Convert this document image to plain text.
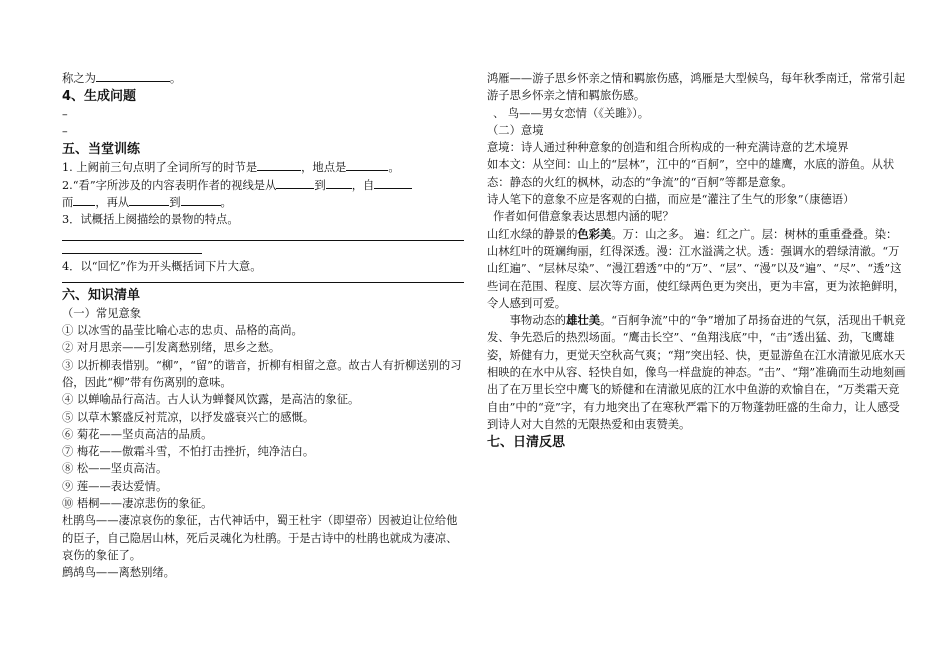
称之为	。

4、生成问题

–

–

五、当堂训练

1. 上阙前三句点明了全词所写的时节是	，地点是	。

2.“看”字所涉及的内容表明作者的视线是从	到 ，自

而 ，再从	到	。

3．试概括上阕描绘的景物的特点。

4．以“回忆”作为开头概括词下片大意。

六、知识清单

（一）常见意象

① 以冰雪的晶莹比喻心志的忠贞、品格的高尚。

② 对月思亲——引发离愁别绪，思乡之愁。

③ 以折柳表惜别。“柳”，“留”的谐音，折柳有相留之意。故古人有折柳送别的习俗，因此“柳”带有伤离别的意味。

④ 以蝉喻品行高洁。古人认为蝉餐风饮露，是高洁的象征。

⑤ 以草木繁盛反衬荒凉，以抒发盛衰兴亡的感慨。

⑥ 菊花——坚贞高洁的品质。

⑦ 梅花——傲霜斗雪，不怕打击挫折，纯净洁白。

⑧ 松——坚贞高洁。

⑨ 莲——表达爱情。

⑩ 梧桐——凄凉悲伤的象征。

杜鹃鸟——凄凉哀伤的象征，古代神话中，蜀王杜宇（即望帝）因被迫让位给他的臣子，自己隐居山林，死后灵魂化为杜鹃。于是古诗中的杜鹃也就成为凄凉、哀伤的象征了。

鹧鸪鸟——离愁别绪。

鸿雁——游子思乡怀亲之情和羁旅伤感，鸿雁是大型候鸟，每年秋季南迁，常常引起游子思乡怀亲之情和羁旅伤感。

、 鸟——男女恋情（《关雎》）。

（二）意境

意境：诗人通过种种意象的创造和组合所构成的一种充满诗意的艺术境界

如本文：从空间：山上的“层林”，江中的“百舸”，空中的雄鹰，水底的游鱼。从状态：静态的火红的枫林，动态的“争流”的“百舸”等都是意象。

诗人笔下的意象不应是客观的白描，而应是“灌注了生气的形象”（康德语）

作者如何借意象表达思想内涵的呢？

山红水绿的静景的色彩美。万：山之多。 遍：红之广。层：树林的重重叠叠。染：山林红叶的斑斓绚丽，红得深透。漫：江水溢满之状。透：强调水的碧绿清澈。“万山红遍”、“层林尽染”、“漫江碧透”中的“万”、“层”、“漫”以及“遍”、“尽”、“透”这些词在范围、程度、层次等方面，使红绿两色更为突出，更为丰富，更为浓艳鲜明，令人感到可爱。

事物动态的雄壮美。“百舸争流”中的“争”增加了昂扬奋进的气氛，活现出千帆竞发、争先恐后的热烈场面。“鹰击长空”、“鱼翔浅底”中，“击”透出猛、劲，飞鹰雄姿，矫健有力，更觉天空秋高气爽；“翔”突出轻、快，更显游鱼在江水清澈见底水天相映的在水中从容、轻快自如，像鸟一样盘旋的神态。“击”、“翔”准确而生动地刻画出了在万里长空中鹰飞的矫健和在清澈见底的江水中鱼游的欢愉自在，“万类霜天竞自由”中的“竞”字，有力地突出了在寒秋严霜下的万物蓬勃旺盛的生命力，让人感受到诗人对大自然的无限热爱和由衷赞美。

七、日清反思
